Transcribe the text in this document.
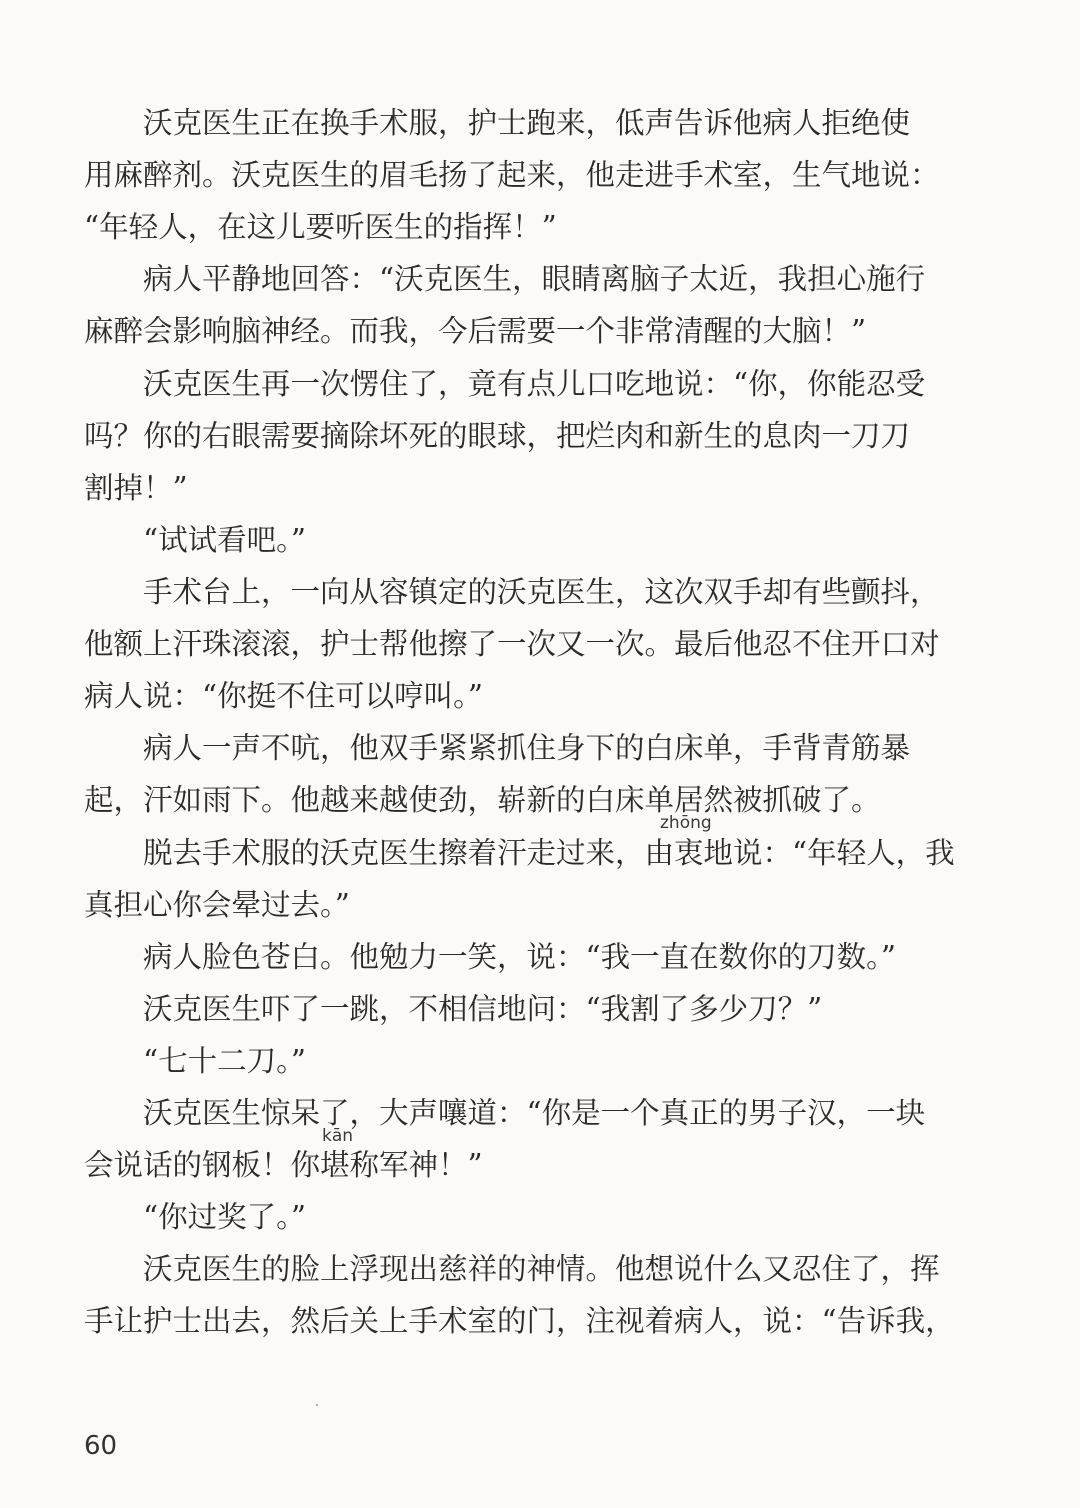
沃克医生正在换手术服，护士跑来，低声告诉他病人拒绝使
用麻醉剂。沃克医生的眉毛扬了起来，他走进手术室，生气地说：
“年轻人，在这儿要听医生的指挥！”
病人平静地回答：“沃克医生，眼睛离脑子太近，我担心施行
麻醉会影响脑神经。而我，今后需要一个非常清醒的大脑！”
沃克医生再一次愣住了，竟有点儿口吃地说：“你，你能忍受
吗？你的右眼需要摘除坏死的眼球，把烂肉和新生的息肉一刀刀
割掉！”
“试试看吧。”
手术台上，一向从容镇定的沃克医生，这次双手却有些颤抖，
他额上汗珠滚滚，护士帮他擦了一次又一次。最后他忍不住开口对
病人说：“你挺不住可以哼叫。”
病人一声不吭，他双手紧紧抓住身下的白床单，手背青筋暴
起，汗如雨下。他越来越使劲，崭新的白床单居然被抓破了。
zhōng
脱去手术服的沃克医生擦着汗走过来，由衷地说：“年轻人，我
真担心你会晕过去。”
病人脸色苍白。他勉力一笑，说：“我一直在数你的刀数。”
沃克医生吓了一跳，不相信地问：“我割了多少刀？”
“七十二刀。”
沃克医生惊呆了，大声嚷道：“你是一个真正的男子汉，一块
kān
会说话的钢板！你堪称军神！”
“你过奖了。”
沃克医生的脸上浮现出慈祥的神情。他想说什么又忍住了，挥
手让护士出去，然后关上手术室的门，注视着病人，说：“告诉我，
60
